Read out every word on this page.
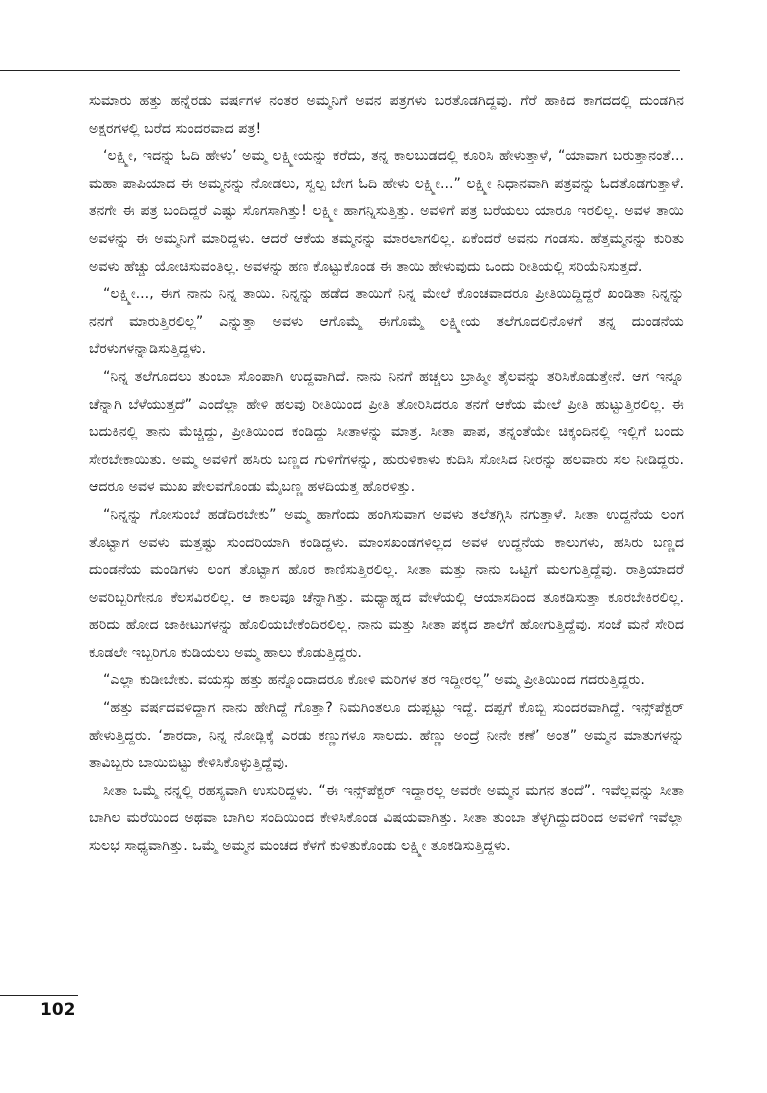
ಸುಮಾರು ಹತ್ತು ಹನ್ನೆರಡು ವರ್ಷಗಳ ನಂತರ ಅಮ್ಮನಿಗೆ ಅವನ ಪತ್ರಗಳು ಬರತೊಡಗಿದ್ದವು. ಗೆರೆ ಹಾಕಿದ ಕಾಗದದಲ್ಲಿ ದುಂಡಗಿನ ಅಕ್ಷರಗಳಲ್ಲಿ ಬರೆದ ಸುಂದರವಾದ ಪತ್ರ!

‘ಲಕ್ಷ್ಮೀ, ಇದನ್ನು ಓದಿ ಹೇಳು’ ಅಮ್ಮ ಲಕ್ಷ್ಮೀಯನ್ನು ಕರೆದು, ತನ್ನ ಕಾಲಬುಡದಲ್ಲಿ ಕೂರಿಸಿ ಹೇಳುತ್ತಾಳೆ, “ಯಾವಾಗ ಬರುತ್ತಾನಂತೆ... ಮಹಾ ಪಾಪಿಯಾದ ಈ ಅಮ್ಮನನ್ನು ನೋಡಲು, ಸ್ವಲ್ಪ ಬೇಗ ಓದಿ ಹೇಳು ಲಕ್ಷ್ಮೀ...” ಲಕ್ಷ್ಮೀ ನಿಧಾನವಾಗಿ ಪತ್ರವನ್ನು ಓದತೊಡಗುತ್ತಾಳೆ. ತನಗೇ ಈ ಪತ್ರ ಬಂದಿದ್ದರೆ ಎಷ್ಟು ಸೊಗಸಾಗಿತ್ತು! ಲಕ್ಷ್ಮೀ ಹಾಗನ್ನಿಸುತ್ತಿತ್ತು. ಅವಳಿಗೆ ಪತ್ರ ಬರೆಯಲು ಯಾರೂ ಇರಲಿಲ್ಲ. ಅವಳ ತಾಯಿ ಅವಳನ್ನು ಈ ಅಮ್ಮನಿಗೆ ಮಾರಿದ್ದಳು. ಆದರೆ ಆಕೆಯ ತಮ್ಮನನ್ನು ಮಾರಲಾಗಲಿಲ್ಲ. ಏಕೆಂದರೆ ಅವನು ಗಂಡಸು. ಹೆತ್ತಮ್ಮನನ್ನು ಕುರಿತು ಅವಳು ಹೆಚ್ಚು ಯೋಚಿಸುವಂತಿಲ್ಲ. ಅವಳನ್ನು ಹಣ ಕೊಟ್ಟುಕೊಂಡ ಈ ತಾಯಿ ಹೇಳುವುದು ಒಂದು ರೀತಿಯಲ್ಲಿ ಸರಿಯೆನಿಸುತ್ತದೆ.

“ಲಕ್ಷ್ಮೀ..., ಈಗ ನಾನು ನಿನ್ನ ತಾಯಿ. ನಿನ್ನನ್ನು ಹಡೆದ ತಾಯಿಗೆ ನಿನ್ನ ಮೇಲೆ ಕೊಂಚವಾದರೂ ಪ್ರೀತಿಯಿದ್ದಿದ್ದರೆ ಖಂಡಿತಾ ನಿನ್ನನ್ನು ನನಗೆ ಮಾರುತ್ತಿರಲಿಲ್ಲ” ಎನ್ನುತ್ತಾ ಅವಳು ಆಗೊಮ್ಮೆ ಈಗೊಮ್ಮೆ ಲಕ್ಷ್ಮೀಯ ತಲೆಗೂದಲಿನೊಳಗೆ ತನ್ನ ದುಂಡನೆಯ ಬೆರಳುಗಳನ್ನಾಡಿಸುತ್ತಿದ್ದಳು.

“ನಿನ್ನ ತಲೆಗೂದಲು ತುಂಬಾ ಸೊಂಪಾಗಿ ಉದ್ದವಾಗಿದೆ. ನಾನು ನಿನಗೆ ಹಚ್ಚಲು ಬ್ರಾಹ್ಮೀ ತೈಲವನ್ನು ತರಿಸಿಕೊಡುತ್ತೇನೆ. ಆಗ ಇನ್ನೂ ಚೆನ್ನಾಗಿ ಬೆಳೆಯುತ್ತದೆ” ಎಂದೆಲ್ಲಾ ಹೇಳಿ ಹಲವು ರೀತಿಯಿಂದ ಪ್ರೀತಿ ತೋರಿಸಿದರೂ ತನಗೆ ಆಕೆಯ ಮೇಲೆ ಪ್ರೀತಿ ಹುಟ್ಟುತ್ತಿರಲಿಲ್ಲ. ಈ ಬದುಕಿನಲ್ಲಿ ತಾನು ಮೆಚ್ಚಿದ್ದು, ಪ್ರೀತಿಯಿಂದ ಕಂಡಿದ್ದು ಸೀತಾಳನ್ನು ಮಾತ್ರ. ಸೀತಾ ಪಾಪ, ತನ್ನಂತೆಯೇ ಚಿಕ್ಕಂದಿನಲ್ಲಿ ಇಲ್ಲಿಗೆ ಬಂದು ಸೇರಬೇಕಾಯಿತು. ಅಮ್ಮ ಅವಳಿಗೆ ಹಸಿರು ಬಣ್ಣದ ಗುಳಿಗೆಗಳನ್ನು, ಹುರುಳಿಕಾಳು ಕುದಿಸಿ ಸೋಸಿದ ನೀರನ್ನು ಹಲವಾರು ಸಲ ನೀಡಿದ್ದರು. ಆದರೂ ಅವಳ ಮುಖ ಪೇಲವಗೊಂಡು ಮೈಬಣ್ಣ ಹಳದಿಯತ್ತ ಹೊರಳಿತ್ತು.

“ನಿನ್ನನ್ನು ಗೋಸುಂಬೆ ಹಡೆದಿರಬೇಕು” ಅಮ್ಮ ಹಾಗೆಂದು ಹಂಗಿಸುವಾಗ ಅವಳು ತಲೆತಗ್ಗಿಸಿ ನಗುತ್ತಾಳೆ. ಸೀತಾ ಉದ್ದನೆಯ ಲಂಗ ತೊಟ್ಟಾಗ ಅವಳು ಮತ್ತಷ್ಟು ಸುಂದರಿಯಾಗಿ ಕಂಡಿದ್ದಳು. ಮಾಂಸಖಂಡಗಳಿಲ್ಲದ ಅವಳ ಉದ್ದನೆಯ ಕಾಲುಗಳು, ಹಸಿರು ಬಣ್ಣದ ದುಂಡನೆಯ ಮಂಡಿಗಳು ಲಂಗ ತೊಟ್ಟಾಗ ಹೊರ ಕಾಣಿಸುತ್ತಿರಲಿಲ್ಲ. ಸೀತಾ ಮತ್ತು ನಾನು ಒಟ್ಟಿಗೆ ಮಲಗುತ್ತಿದ್ದೆವು. ರಾತ್ರಿಯಾದರೆ ಅವರಿಬ್ಬರಿಗೇನೂ ಕೆಲಸವಿರಲಿಲ್ಲ. ಆ ಕಾಲವೂ ಚೆನ್ನಾಗಿತ್ತು. ಮಧ್ಯಾಹ್ನದ ವೇಳೆಯಲ್ಲಿ ಆಯಾಸದಿಂದ ತೂಕಡಿಸುತ್ತಾ ಕೂರಬೇಕಿರಲಿಲ್ಲ. ಹರಿದು ಹೋದ ಜಾಕೀಟುಗಳನ್ನು ಹೊಲಿಯಬೇಕೆಂದಿರಲಿಲ್ಲ. ನಾನು ಮತ್ತು ಸೀತಾ ಪಕ್ಕದ ಶಾಲೆಗೆ ಹೋಗುತ್ತಿದ್ದೆವು. ಸಂಜೆ ಮನೆ ಸೇರಿದ ಕೂಡಲೇ ಇಬ್ಬರಿಗೂ ಕುಡಿಯಲು ಅಮ್ಮ ಹಾಲು ಕೊಡುತ್ತಿದ್ದರು.

“ಎಲ್ಲಾ ಕುಡೀಬೇಕು. ವಯಸ್ಸು ಹತ್ತು ಹನ್ನೊಂದಾದರೂ ಕೋಳಿ ಮರಿಗಳ ತರ ಇದ್ದೀರಲ್ಲ” ಅಮ್ಮ ಪ್ರೀತಿಯಿಂದ ಗದರುತ್ತಿದ್ದರು.

“ಹತ್ತು ವರ್ಷದವಳಿದ್ದಾಗ ನಾನು ಹೇಗಿದ್ದೆ ಗೊತ್ತಾ? ನಿಮಗಿಂತಲೂ ದುಪ್ಪಟ್ಟು ಇದ್ದೆ. ದಪ್ಪಗೆ ಕೊಬ್ಬಿ ಸುಂದರವಾಗಿದ್ದೆ. ಇನ್ಸ್‌ಪೆಕ್ಟರ್ ಹೇಳುತ್ತಿದ್ದರು. ‘ಶಾರದಾ, ನಿನ್ನ ನೋಡ್ಲಿಕ್ಕೆ ಎರಡು ಕಣ್ಣುಗಳೂ ಸಾಲದು. ಹೆಣ್ಣು ಅಂದ್ರೆ ನೀನೇ ಕಣೆ’ ಅಂತ” ಅಮ್ಮನ ಮಾತುಗಳನ್ನು ತಾವಿಬ್ಬರು ಬಾಯಿಬಿಟ್ಟು ಕೇಳಿಸಿಕೊಳ್ಳುತ್ತಿದ್ದೆವು.

ಸೀತಾ ಒಮ್ಮೆ ನನ್ನಲ್ಲಿ ರಹಸ್ಯವಾಗಿ ಉಸುರಿದ್ದಳು. “ಈ ಇನ್ಸ್‌ಪೆಕ್ಟರ್ ಇದ್ದಾರಲ್ಲ ಅವರೇ ಅಮ್ಮನ ಮಗನ ತಂದೆ”. ಇವೆಲ್ಲವನ್ನು ಸೀತಾ ಬಾಗಿಲ ಮರೆಯಿಂದ ಅಥವಾ ಬಾಗಿಲ ಸಂದಿಯಿಂದ ಕೇಳಿಸಿಕೊಂಡ ವಿಷಯವಾಗಿತ್ತು. ಸೀತಾ ತುಂಬಾ ತೆಳ್ಳಗಿದ್ದುದರಿಂದ ಅವಳಿಗೆ ಇವೆಲ್ಲಾ ಸುಲಭ ಸಾಧ್ಯವಾಗಿತ್ತು. ಒಮ್ಮೆ ಅಮ್ಮನ ಮಂಚದ ಕೆಳಗೆ ಕುಳಿತುಕೊಂಡು ಲಕ್ಷ್ಮೀ ತೂಕಡಿಸುತ್ತಿದ್ದಳು.

102
